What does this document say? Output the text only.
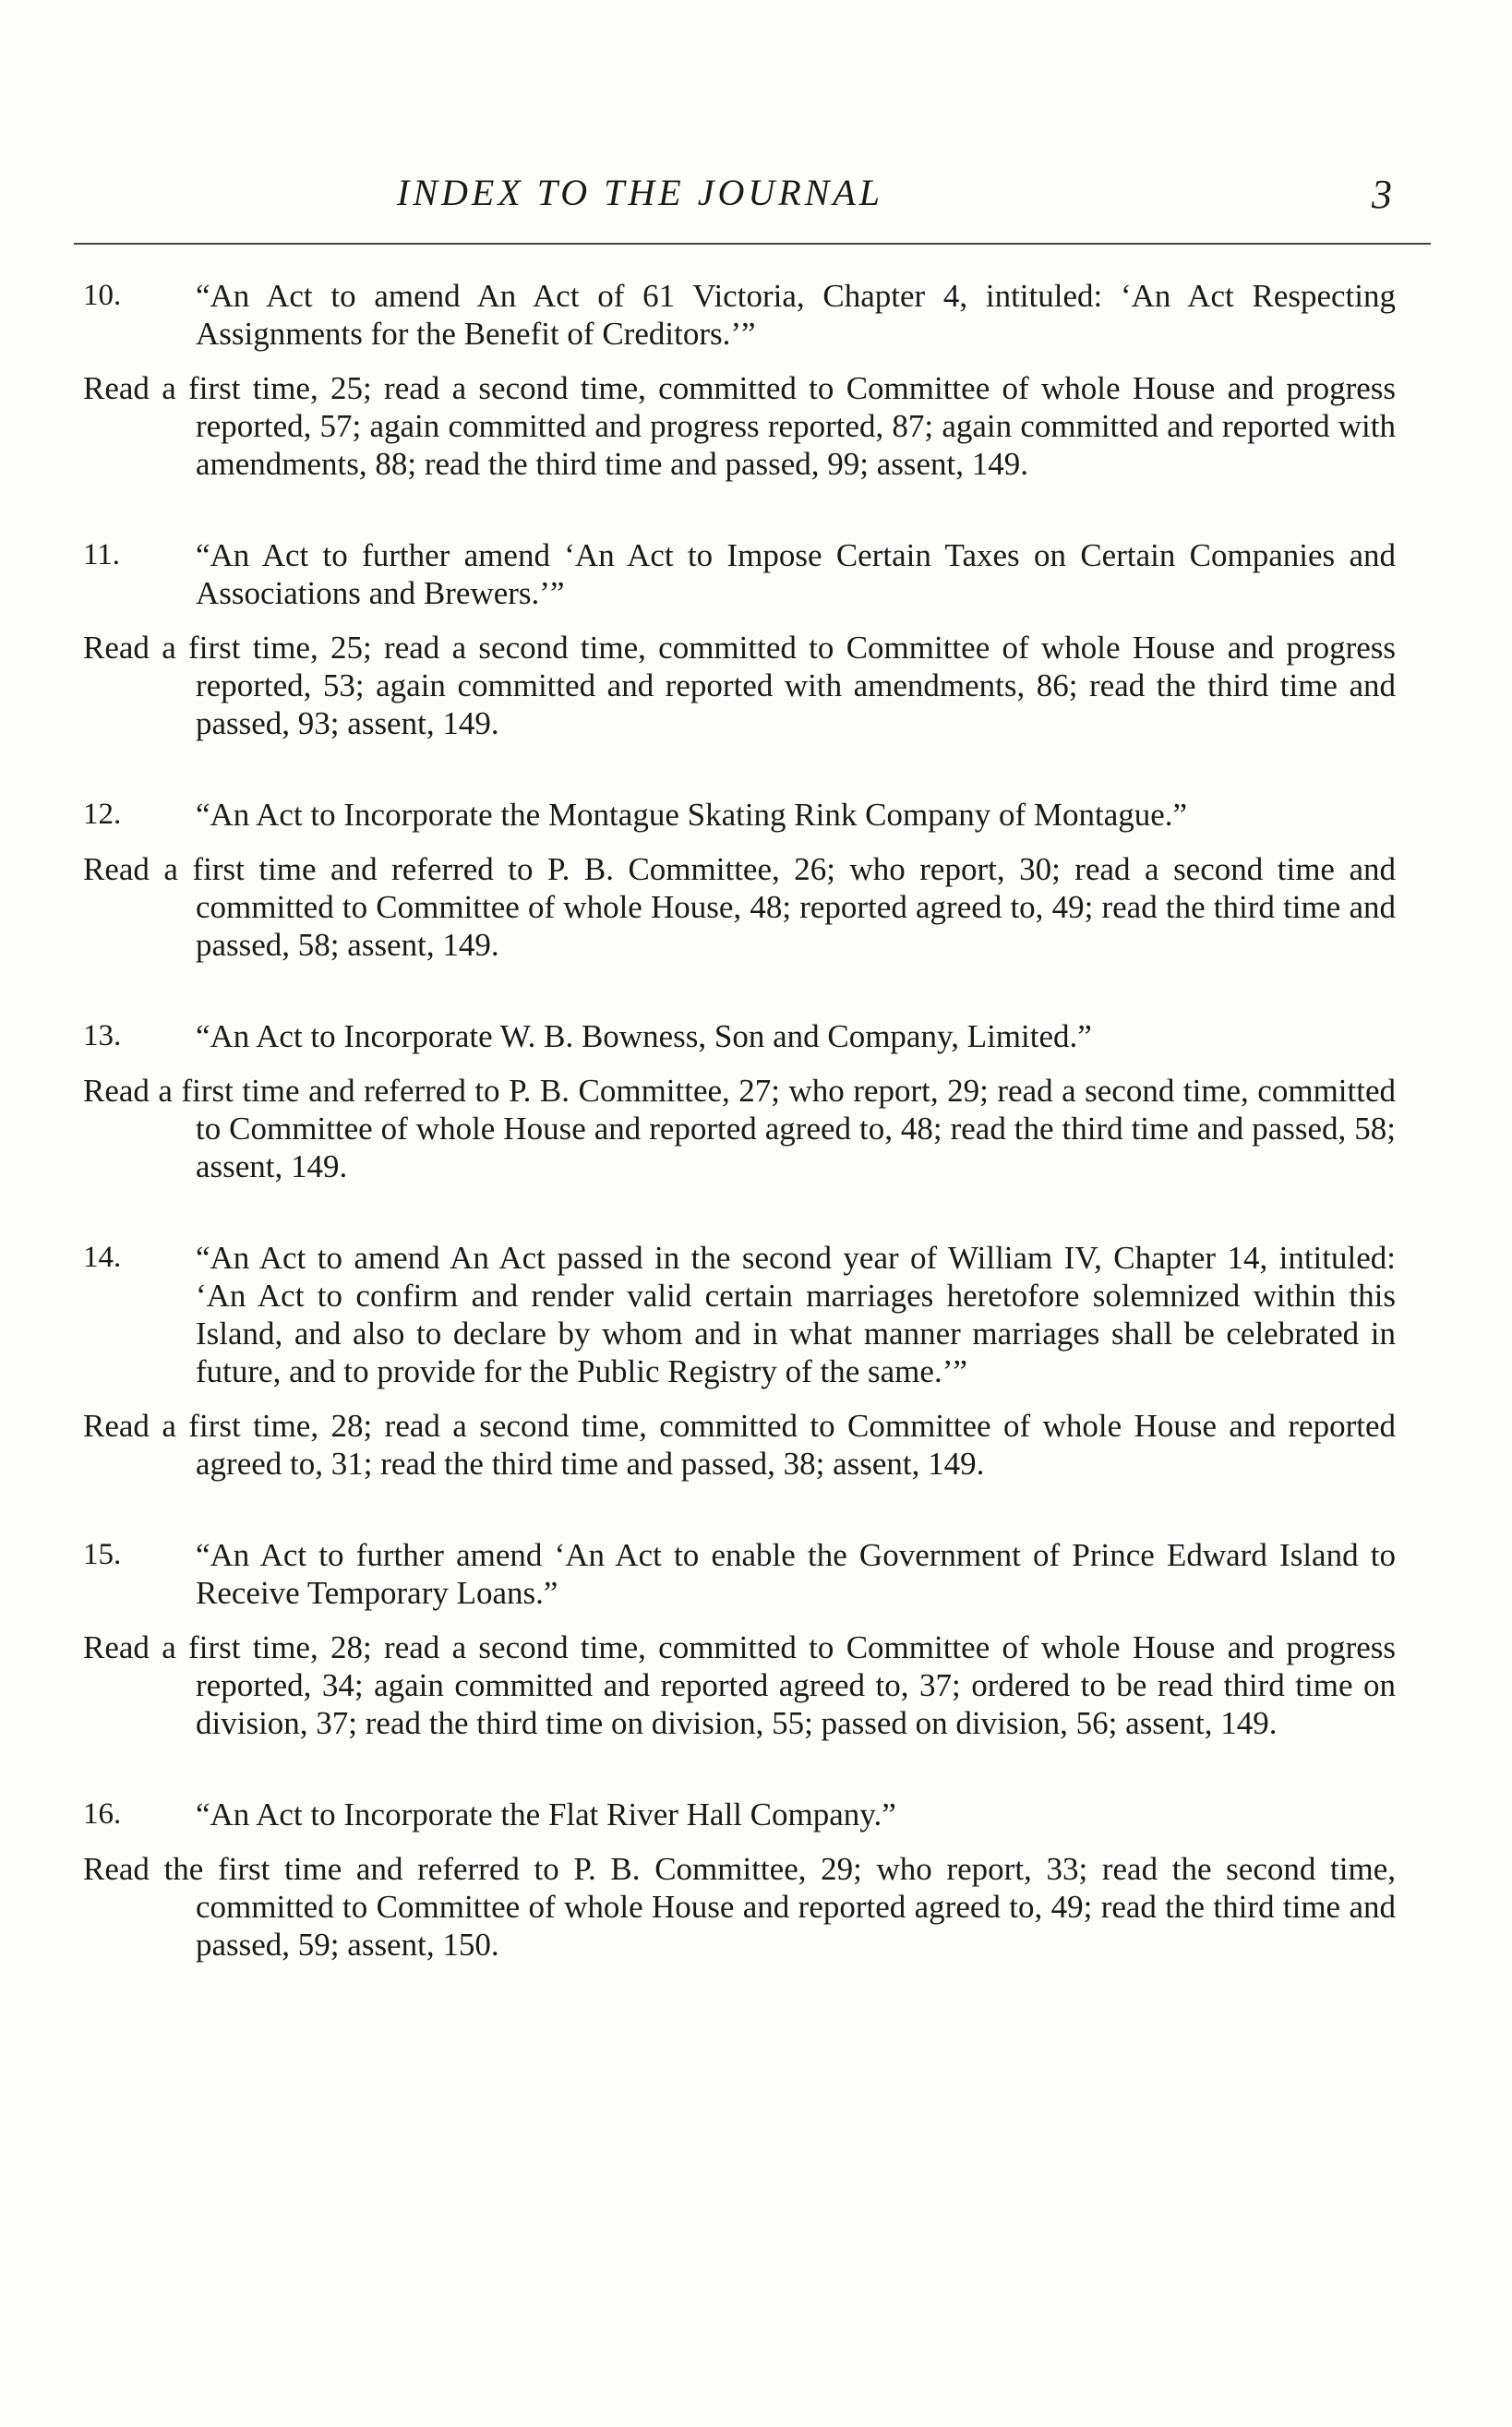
INDEX TO THE JOURNAL	3
10. “An Act to amend An Act of 61 Victoria, Chapter 4, intituled: ‘An Act Respecting Assignments for the Benefit of Creditors.’”
Read a first time, 25; read a second time, committed to Committee of whole House and progress reported, 57; again committed and progress reported, 87; again committed and reported with amendments, 88; read the third time and passed, 99; assent, 149.
11. “An Act to further amend ‘An Act to Impose Certain Taxes on Certain Companies and Associations and Brewers.’”
Read a first time, 25; read a second time, committed to Committee of whole House and progress reported, 53; again committed and reported with amendments, 86; read the third time and passed, 93; assent, 149.
12. “An Act to Incorporate the Montague Skating Rink Company of Montague.”
Read a first time and referred to P. B. Committee, 26; who report, 30; read a second time and committed to Committee of whole House, 48; reported agreed to, 49; read the third time and passed, 58; assent, 149.
13. “An Act to Incorporate W. B. Bowness, Son and Company, Limited.”
Read a first time and referred to P. B. Committee, 27; who report, 29; read a second time, committed to Committee of whole House and reported agreed to, 48; read the third time and passed, 58; assent, 149.
14. “An Act to amend An Act passed in the second year of William IV, Chapter 14, intituled: ‘An Act to confirm and render valid certain marriages heretofore solemnized within this Island, and also to declare by whom and in what manner marriages shall be celebrated in future, and to provide for the Public Registry of the same.’”
Read a first time, 28; read a second time, committed to Committee of whole House and reported agreed to, 31; read the third time and passed, 38; assent, 149.
15. “An Act to further amend ‘An Act to enable the Government of Prince Edward Island to Receive Temporary Loans.”
Read a first time, 28; read a second time, committed to Committee of whole House and progress reported, 34; again committed and reported agreed to, 37; ordered to be read third time on division, 37; read the third time on division, 55; passed on division, 56; assent, 149.
16. “An Act to Incorporate the Flat River Hall Company.”
Read the first time and referred to P. B. Committee, 29; who report, 33; read the second time, committed to Committee of whole House and reported agreed to, 49; read the third time and passed, 59; assent, 150.
